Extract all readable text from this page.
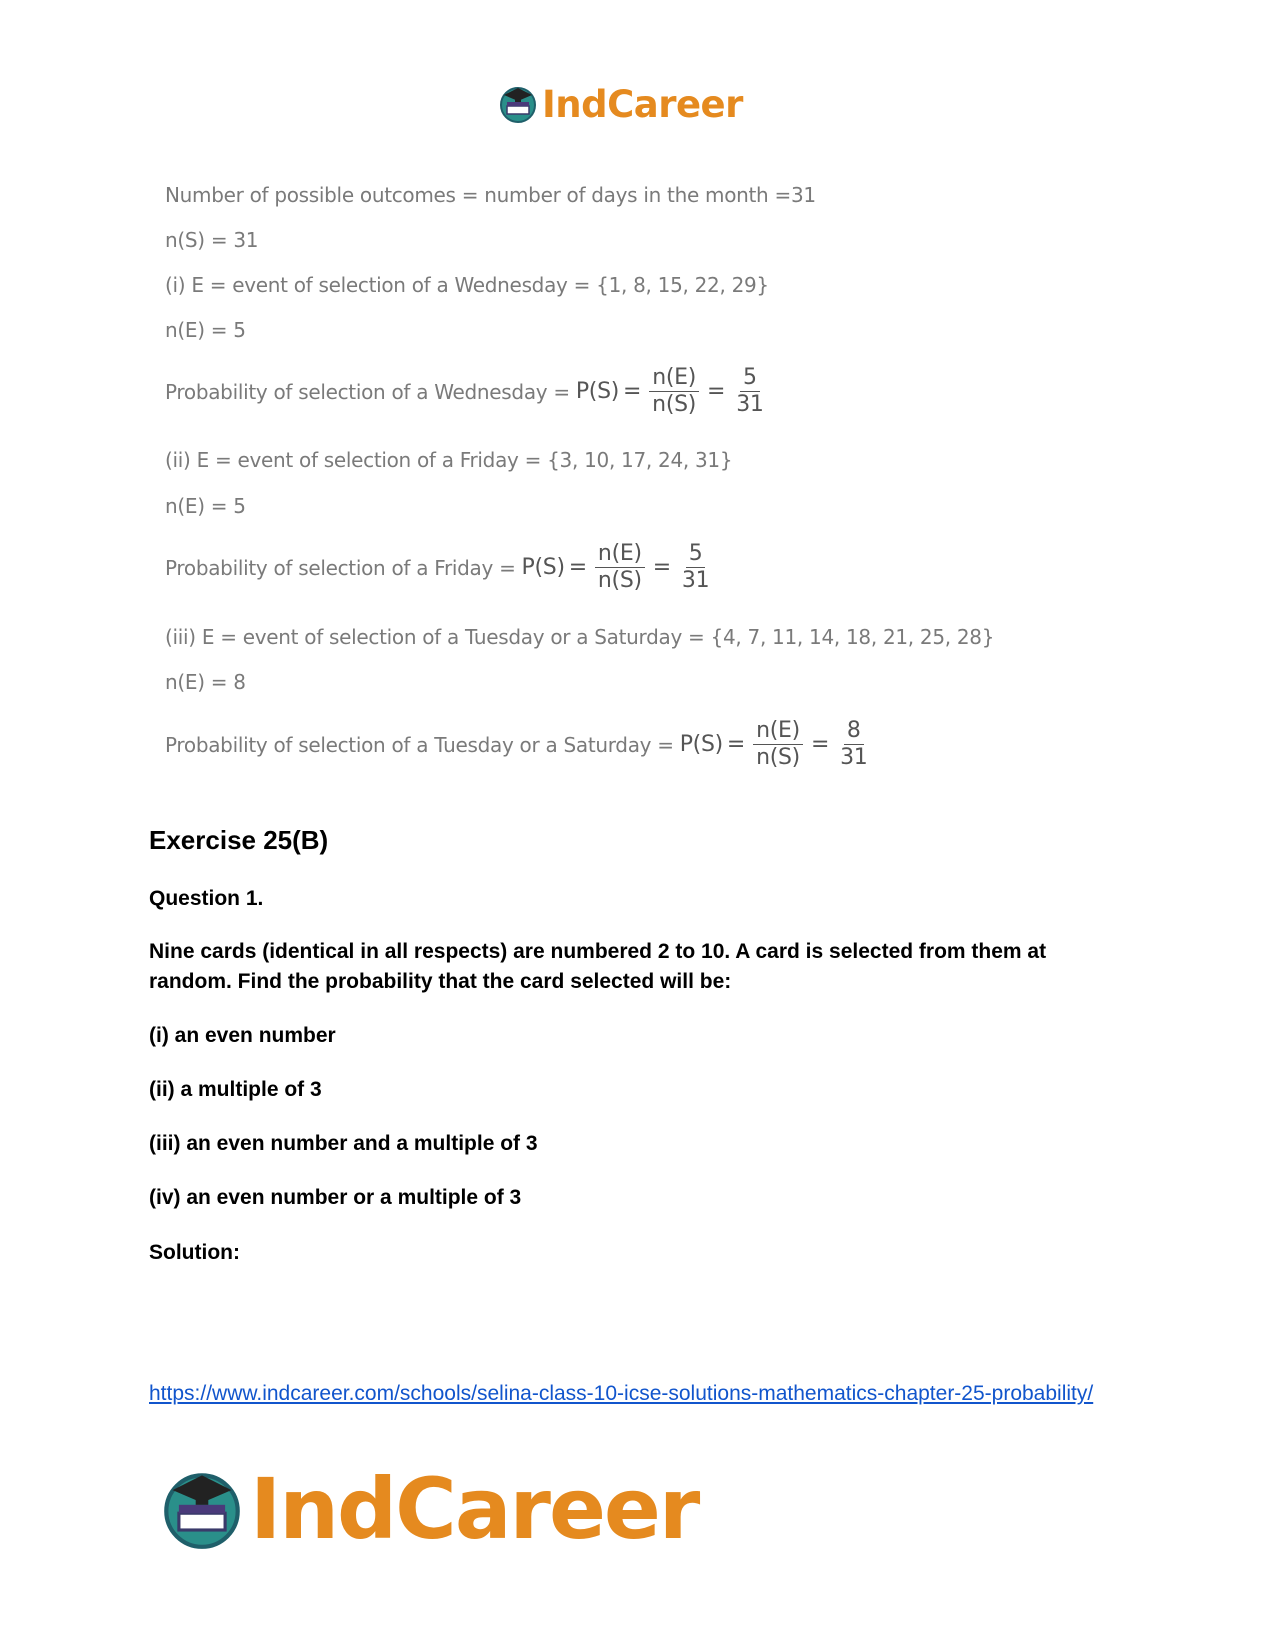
IndCareer
Number of possible outcomes = number of days in the month =31
n(S) = 31
(i) E = event of selection of a Wednesday = {1, 8, 15, 22, 29}
n(E) = 5
Probability of selection of a Wednesday = $P(S) = \frac{n(E)}{n(S)} = \frac{5}{31}$
(ii) E = event of selection of a Friday = {3, 10, 17, 24, 31}
n(E) = 5
Probability of selection of a Friday = $P(S) = \frac{n(E)}{n(S)} = \frac{5}{31}$
(iii) E = event of selection of a Tuesday or a Saturday = {4, 7, 11, 14, 18, 21, 25, 28}
n(E) = 8
Probability of selection of a Tuesday or a Saturday = $P(S) = \frac{n(E)}{n(S)} = \frac{8}{31}$
Exercise 25(B)
Question 1.
Nine cards (identical in all respects) are numbered 2 to 10. A card is selected from them at random. Find the probability that the card selected will be:
(i) an even number
(ii) a multiple of 3
(iii) an even number and a multiple of 3
(iv) an even number or a multiple of 3
Solution:
https://www.indcareer.com/schools/selina-class-10-icse-solutions-mathematics-chapter-25-probability/
IndCareer
